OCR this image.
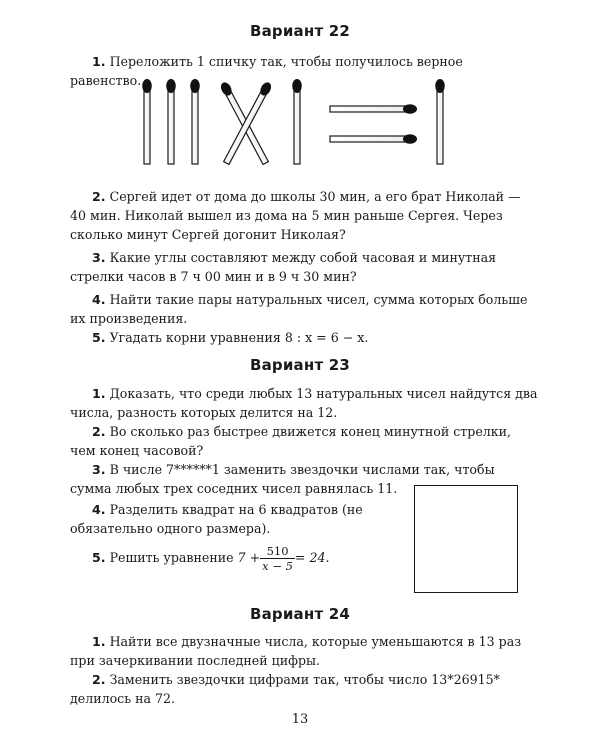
Вариант 22
1. Переложить 1 спичку так, чтобы получилось верное равенство.
2. Сергей идет от дома до школы 30 мин, а его брат Николай — 40 мин. Николай вышел из дома на 5 мин раньше Сергея. Через сколько минут Сергей догонит Николая?
3. Какие углы составляют между собой часовая и минутная стрелки часов в 7 ч 00 мин и в 9 ч 30 мин?
4. Найти такие пары натуральных чисел, сумма которых больше их произведения.
5. Угадать корни уравнения 8 : x = 6 − x.
Вариант 23
1. Доказать, что среди любых 13 натуральных чисел найдутся два числа, разность которых делится на 12.
2. Во сколько раз быстрее движется конец минутной стрелки, чем конец часовой?
3. В числе 7******1 заменить звездочки числами так, чтобы сумма любых трех соседних чисел равнялась 11.
4. Разделить квадрат на 6 квадратов (не обязательно одного размера).
5. Решить уравнение $7 + \frac{510}{x - 5} = 24$.
Вариант 24
1. Найти все двузначные числа, которые уменьшаются в 13 раз при зачеркивании последней цифры.
2. Заменить звездочки цифрами так, чтобы число 13*26915* делилось на 72.
13
